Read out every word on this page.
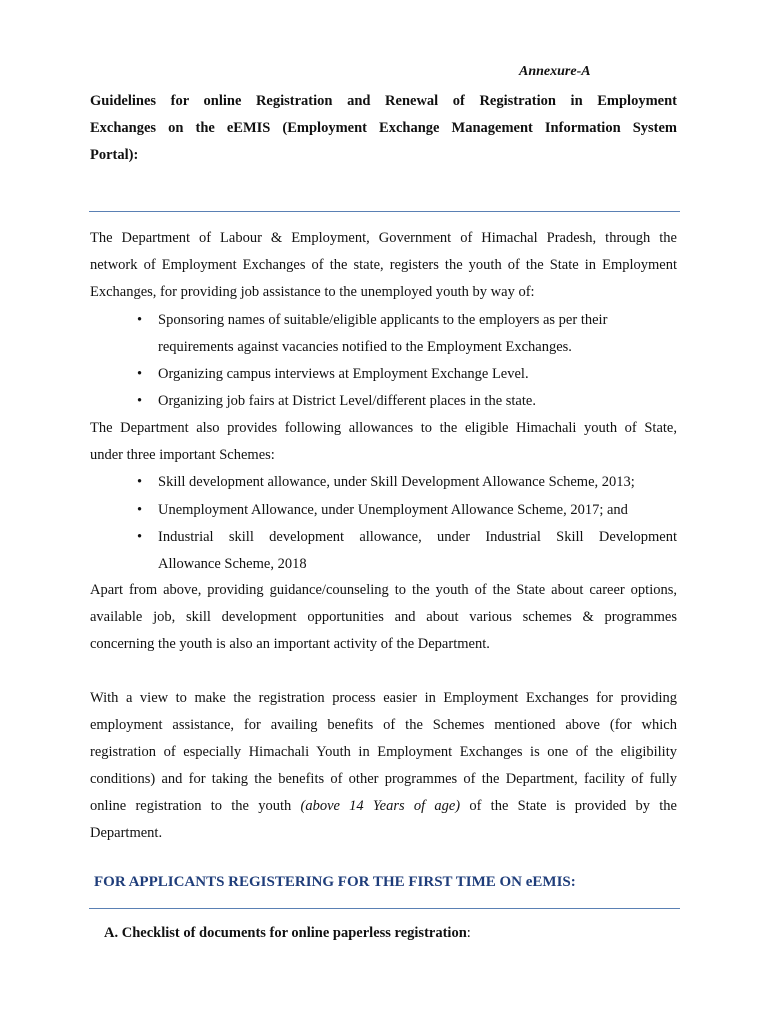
Annexure-A
Guidelines for online Registration and Renewal of Registration in Employment
Exchanges on the eEMIS (Employment Exchange Management Information System
Portal):
The Department of Labour & Employment, Government of Himachal Pradesh, through the
network of Employment Exchanges of the state, registers the youth of the State in Employment
Exchanges, for providing job assistance to the unemployed youth by way of:
•	Sponsoring names of suitable/eligible applicants to the employers as per their
requirements against vacancies notified to the Employment Exchanges.
•	Organizing campus interviews at Employment Exchange Level.
•	Organizing job fairs at District Level/different places in the state.
The Department also provides following allowances to the eligible Himachali youth of State,
under three important Schemes:
•	Skill development allowance, under Skill Development Allowance Scheme, 2013;
•	Unemployment Allowance, under Unemployment Allowance Scheme, 2017; and
•	Industrial skill development allowance, under Industrial Skill Development
Allowance Scheme, 2018
Apart from above, providing guidance/counseling to the youth of the State about career options,
available job, skill development opportunities and about various schemes & programmes
concerning the youth is also an important activity of the Department.
With a view to make the registration process easier in Employment Exchanges for providing
employment assistance, for availing benefits of the Schemes mentioned above (for which
registration of especially Himachali Youth in Employment Exchanges is one of the eligibility
conditions) and for taking the benefits of other programmes of the Department, facility of fully
online registration to the youth (above 14 Years of age) of the State is provided by the
Department.
FOR APPLICANTS REGISTERING FOR THE FIRST TIME ON eEMIS:
A. Checklist of documents for online paperless registration:
